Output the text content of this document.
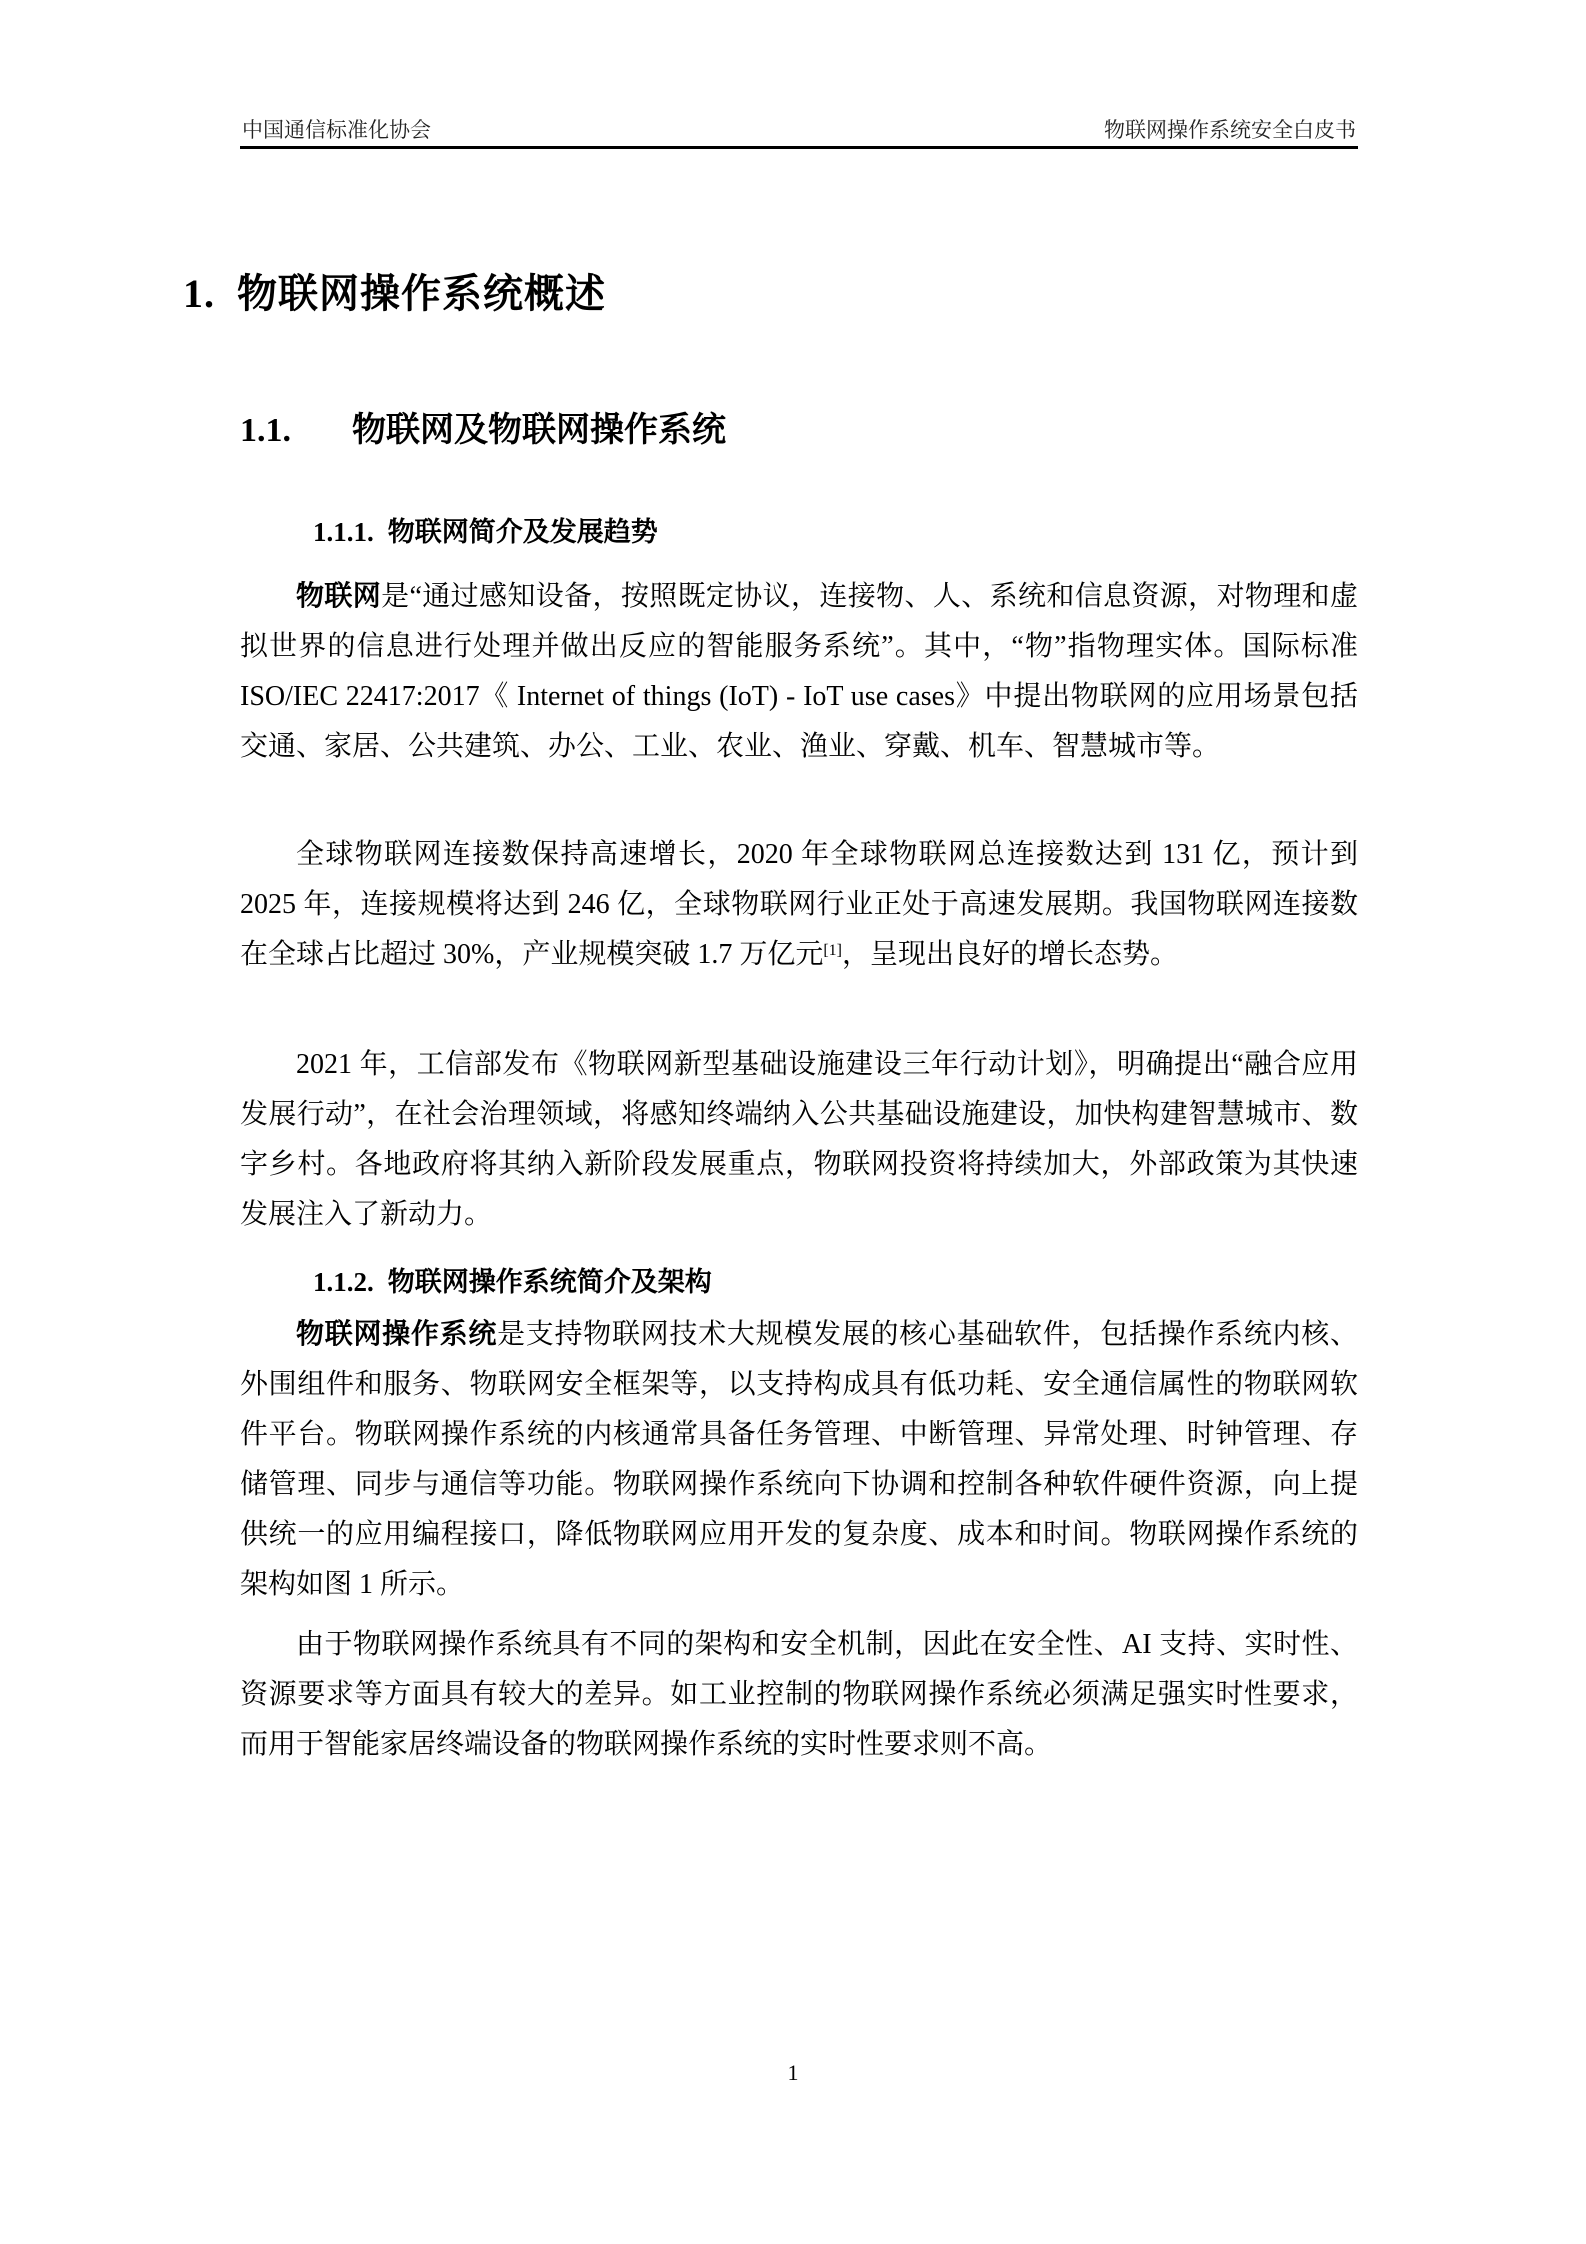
中国通信标准化协会	物联网操作系统安全白皮书
1. 物联网操作系统概述
1.1. 物联网及物联网操作系统
1.1.1. 物联网简介及发展趋势

物联网是“通过感知设备，按照既定协议，连接物、人、系统和信息资源，对物理和虚拟世界的信息进行处理并做出反应的智能服务系统”。其中，“物”指物理实体。国际标准 ISO/IEC 22417:2017《 Internet of things (IoT) - IoT use cases》中提出物联网的应用场景包括交通、家居、公共建筑、办公、工业、农业、渔业、穿戴、机车、智慧城市等。

全球物联网连接数保持高速增长，2020 年全球物联网总连接数达到 131 亿，预计到 2025 年，连接规模将达到 246 亿，全球物联网行业正处于高速发展期。我国物联网连接数在全球占比超过 30%，产业规模突破 1.7 万亿元[1]，呈现出良好的增长态势。

2021 年，工信部发布《物联网新型基础设施建设三年行动计划》，明确提出“融合应用发展行动”，在社会治理领域，将感知终端纳入公共基础设施建设，加快构建智慧城市、数字乡村。各地政府将其纳入新阶段发展重点，物联网投资将持续加大，外部政策为其快速发展注入了新动力。

1.1.2. 物联网操作系统简介及架构

物联网操作系统是支持物联网技术大规模发展的核心基础软件，包括操作系统内核、外围组件和服务、物联网安全框架等，以支持构成具有低功耗、安全通信属性的物联网软件平台。物联网操作系统的内核通常具备任务管理、中断管理、异常处理、时钟管理、存储管理、同步与通信等功能。物联网操作系统向下协调和控制各种软件硬件资源，向上提供统一的应用编程接口，降低物联网应用开发的复杂度、成本和时间。物联网操作系统的架构如图 1 所示。

由于物联网操作系统具有不同的架构和安全机制，因此在安全性、AI 支持、实时性、资源要求等方面具有较大的差异。如工业控制的物联网操作系统必须满足强实时性要求，而用于智能家居终端设备的物联网操作系统的实时性要求则不高。

1
